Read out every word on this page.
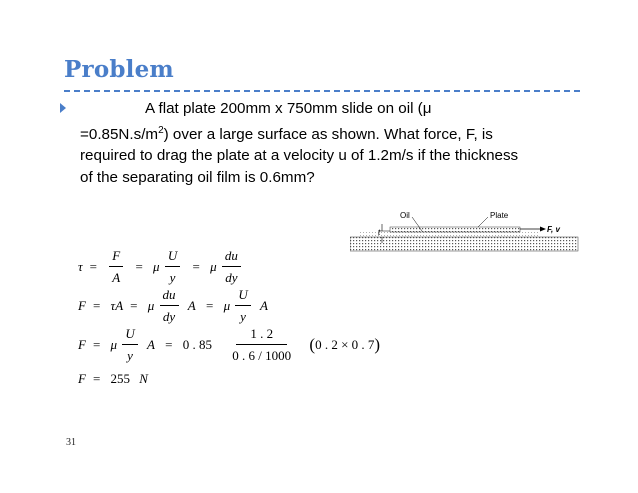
Problem
A flat plate 200mm x 750mm slide on oil (μ
$=0.85N.s/m^2$) over a large surface as shown. What force, F, is
required to drag the plate at a velocity u of 1.2m/s if the thickness
of the separating oil film is 0.6mm?
t
Oil	Plate
F, v
$\tau = \frac{F}{A} = \mu \frac{U}{y} = \mu \frac{du}{dy}$
F = τA = μ $\frac{du}{dy}$ A = μ $\frac{U}{y}$ A
F = μ $\frac{U}{y}$ A = 0 . $85 \frac{1 . 2}{0 . 6 / 1000} (0$ . 2 × 0 . 7)
F = 255 N
31
